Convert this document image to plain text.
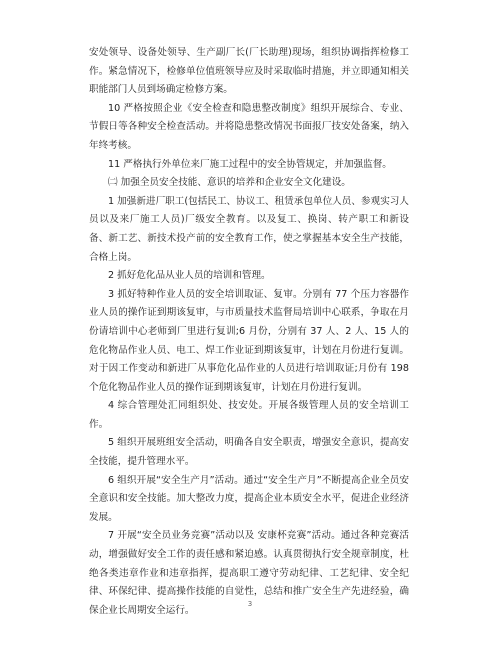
安处领导、设备处领导、生产副厂长(厂长助理)现场，组织协调指挥检修工作。紧急情况下，检修单位值班领导应及时采取临时措施，并立即通知相关职能部门人员到场确定检修方案。

10 严格按照企业《安全检查和隐患整改制度》组织开展综合、专业、节假日等各种安全检查活动。并将隐患整改情况书面报厂技安处备案，纳入年终考核。

11 严格执行外单位来厂施工过程中的安全协管规定，并加强监督。

㈡ 加强全员安全技能、意识的培养和企业安全文化建设。

1 加强新进厂职工(包括民工、协议工、租赁承包单位人员、参观实习人员以及来厂施工人员)厂级安全教育。以及复工、换岗、转产职工和新设备、新工艺、新技术投产前的安全教育工作，使之掌握基本安全生产技能，合格上岗。

2 抓好危化品从业人员的培训和管理。

3 抓好特种作业人员的安全培训取证、复审。分别有 77 个压力容器作业人员的操作证到期该复审，与市质量技术监督局培训中心联系，争取在月份请培训中心老师到厂里进行复训;6 月份，分别有 37 人、2 人、15 人的危化物品作业人员、电工、焊工作业证到期该复审，计划在月份进行复训。对于因工作变动和新进厂从事危化品作业的人员进行培训取证;月份有 198 个危化物品作业人员的操作证到期该复审，计划在月份进行复训。

4 综合管理处汇同组织处、技安处。开展各级管理人员的安全培训工作。

5 组织开展班组安全活动，明确各自安全职责，增强安全意识，提高安全技能，提升管理水平。

6 组织开展“安全生产月”活动。通过“安全生产月”不断提高企业全员安全意识和安全技能。加大整改力度，提高企业本质安全水平，促进企业经济发展。

7 开展“安全员业务竞赛”活动以及 安康杯竞赛”活动。通过各种竞赛活动，增强做好安全工作的责任感和紧迫感。认真贯彻执行安全规章制度，杜绝各类违章作业和违章指挥，提高职工遵守劳动纪律、工艺纪律、安全纪律、环保纪律、提高操作技能的自觉性，总结和推广安全生产先进经验，确保企业长周期安全运行。

3
